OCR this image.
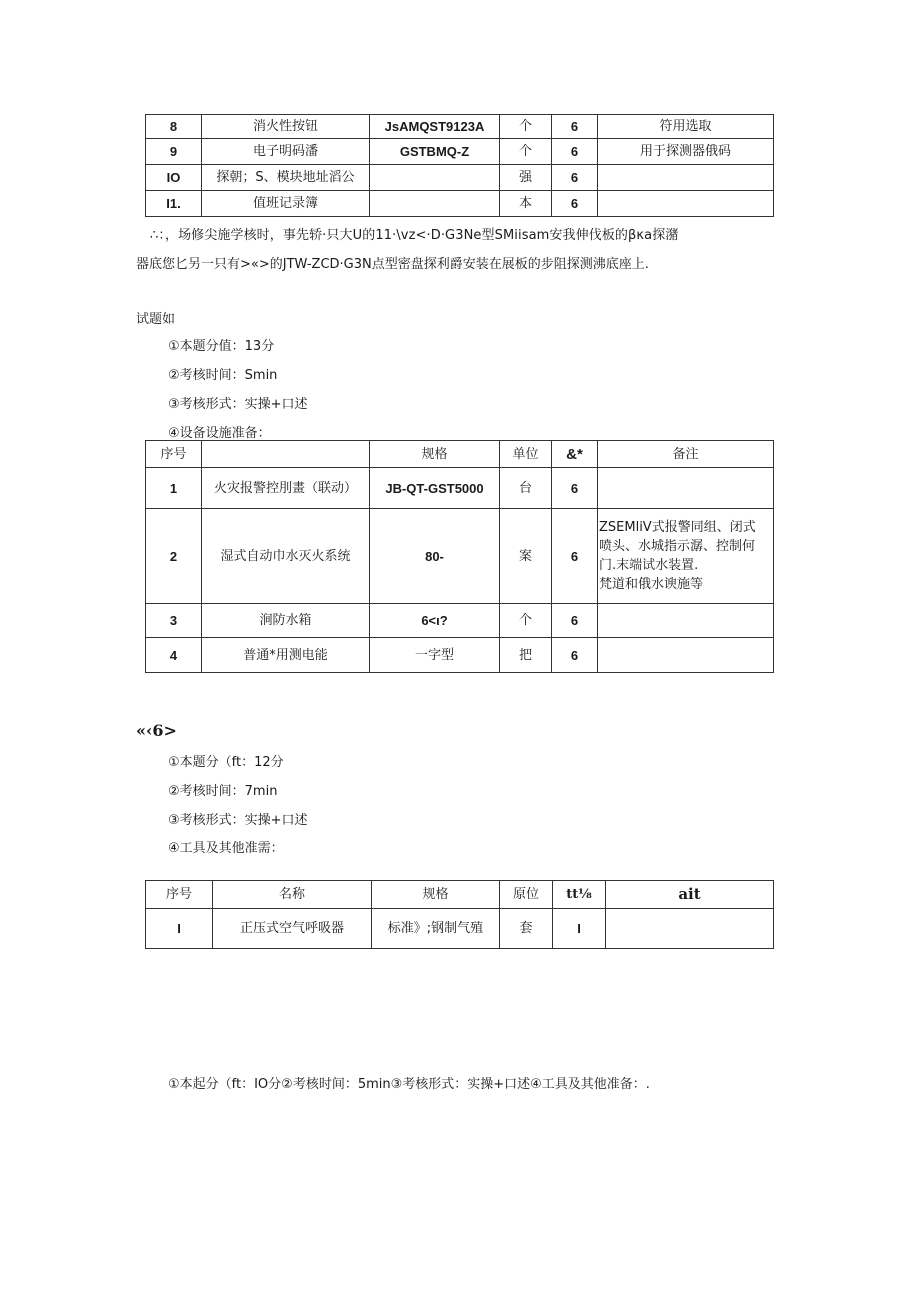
8	消火性按钮	JsAMQST9123A	个	6	符用选取
9	电子明码潘	GSTBMQ-Z	个	6	用于探测器俄码
IO	探朝；S、模块地址滔公		强	6	
I1.	值班记录簿		本	6	
∴：，场修尖施学核时，事先轿·只大U的11·\vz<·D·G3Ne型SMiisam安我伸伐板的βκa探潴
器底您匕另一只有>«>的JTW-ZCD·G3N点型密盘探利爵安装在展板的步阻探测沸底座上.
试题如
①本题分值：13分
②考核时间：Smin
③考核形式：实操+口述
④设备设施准备：
序号		规格	单位	&*	备注
1	火灾报警控刖畫（联动）	JB-QT-GST5000	台	6	
2	湿式自动巾水灭火系统	80-	案	6	ZSEMliV式报警同组、闭式
喷头、水城指示潺、控制何
门.末端试水装置.
梵道和俄水谀施等

3	涧防水箱	6<ι?	个	6	
4	普通*用测电能	一字型	把	6	
«‹6>
①本题分（ft：12分
②考核时间：7min
③考核形式：实操+口述
④工具及其他准需：
序号	名称	规格	原位	tt⅛	ait
I	正压式空气呼吸器	标准》;钢制气殖	套	I	
①本起分（ft：IO分②考核时间：5min③考核形式：实操+口述④工具及其他准备：.
